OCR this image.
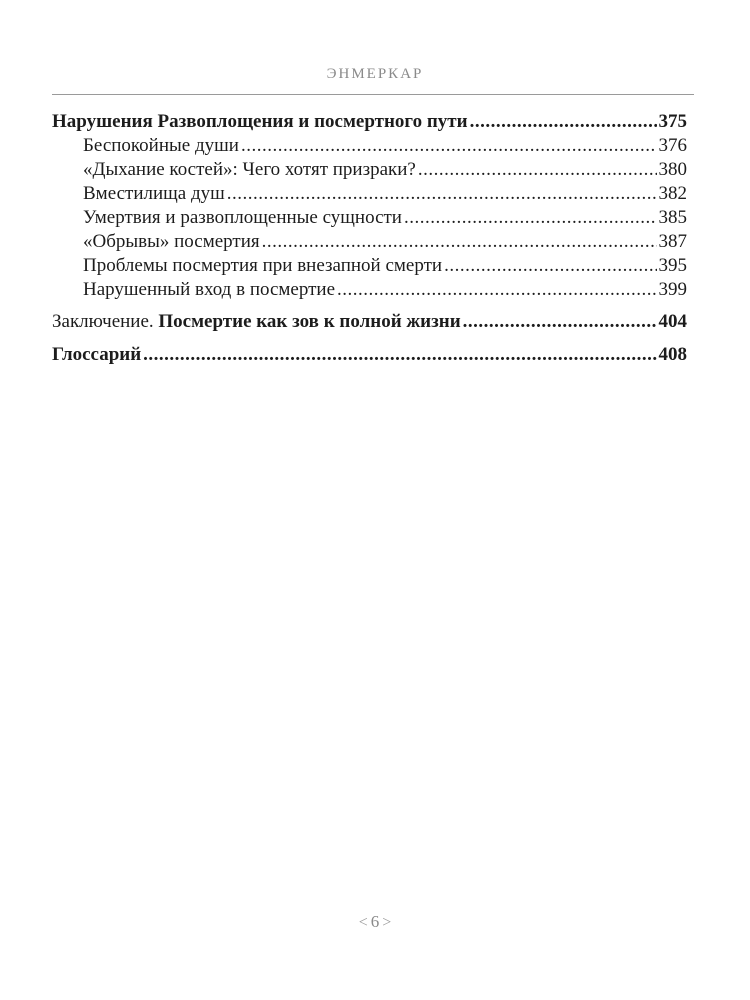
ЭНМЕРКАР
Нарушения Развоплощения и посмертного пути .....	375
Беспокойные души .....	376
«Дыхание костей»: Чего хотят призраки? .....	380
Вместилища душ .....	382
Умертвия и развоплощенные сущности .....	385
«Обрывы» посмертия .....	387
Проблемы посмертия при внезапной смерти .....	395
Нарушенный вход в посмертие .....	399
Заключение. Посмертие как зов к полной жизни .....	404
Глоссарий .....	408
< 6 >
